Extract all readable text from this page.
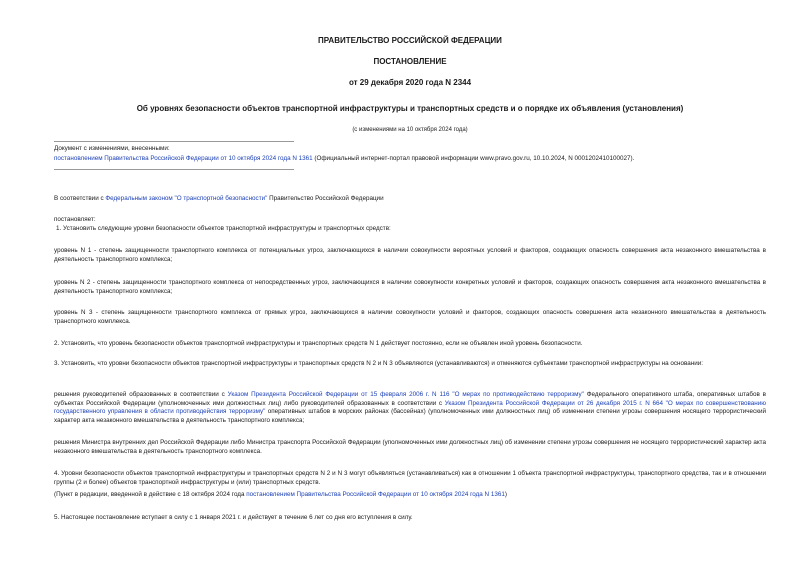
ПРАВИТЕЛЬСТВО РОССИЙСКОЙ ФЕДЕРАЦИИ
ПОСТАНОВЛЕНИЕ
от 29 декабря 2020 года N 2344
Об уровнях безопасности объектов транспортной инфраструктуры и транспортных средств и о порядке их объявления (установления)
(с изменениями на 10 октября 2024 года)
Документ с изменениями, внесенными:
постановлением Правительства Российской Федерации от 10 октября 2024 года N 1361 (Официальный интернет-портал правовой информации www.pravo.gov.ru, 10.10.2024, N 0001202410100027).
В соответствии с Федеральным законом "О транспортной безопасности" Правительство Российской Федерации
постановляет:
1. Установить следующие уровни безопасности объектов транспортной инфраструктуры и транспортных средств:
уровень N 1 - степень защищенности транспортного комплекса от потенциальных угроз, заключающихся в наличии совокупности вероятных условий и факторов, создающих опасность совершения акта незаконного вмешательства в деятельность транспортного комплекса;
уровень N 2 - степень защищенности транспортного комплекса от непосредственных угроз, заключающихся в наличии совокупности конкретных условий и факторов, создающих опасность совершения акта незаконного вмешательства в деятельность транспортного комплекса;
уровень N 3 - степень защищенности транспортного комплекса от прямых угроз, заключающихся в наличии совокупности условий и факторов, создающих опасность совершения акта незаконного вмешательства в деятельность транспортного комплекса.
2. Установить, что уровень безопасности объектов транспортной инфраструктуры и транспортных средств N 1 действует постоянно, если не объявлен иной уровень безопасности.
3. Установить, что уровни безопасности объектов транспортной инфраструктуры и транспортных средств N 2 и N 3 объявляются (устанавливаются) и отменяются субъектами транспортной инфраструктуры на основании:
решения руководителей образованных в соответствии с Указом Президента Российской Федерации от 15 февраля 2006 г. N 116 "О мерах по противодействию терроризму" Федерального оперативного штаба, оперативных штабов в субъектах Российской Федерации (уполномоченных ими должностных лиц) либо руководителей образованных в соответствии с Указом Президента Российской Федерации от 26 декабря 2015 г. N 664 "О мерах по совершенствованию государственного управления в области противодействия терроризму" оперативных штабов в морских районах (бассейнах) (уполномоченных ими должностных лиц) об изменении степени угрозы совершения носящего террористический характер акта незаконного вмешательства в деятельность транспортного комплекса;
решения Министра внутренних дел Российской Федерации либо Министра транспорта Российской Федерации (уполномоченных ими должностных лиц) об изменении степени угрозы совершения не носящего террористический характер акта незаконного вмешательства в деятельность транспортного комплекса.
4. Уровни безопасности объектов транспортной инфраструктуры и транспортных средств N 2 и N 3 могут объявляться (устанавливаться) как в отношении 1 объекта транспортной инфраструктуры, транспортного средства, так и в отношении группы (2 и более) объектов транспортной инфраструктуры и (или) транспортных средств.
(Пункт в редакции, введенной в действие с 18 октября 2024 года постановлением Правительства Российской Федерации от 10 октября 2024 года N 1361)
5. Настоящее постановление вступает в силу с 1 января 2021 г. и действует в течение 6 лет со дня его вступления в силу.
